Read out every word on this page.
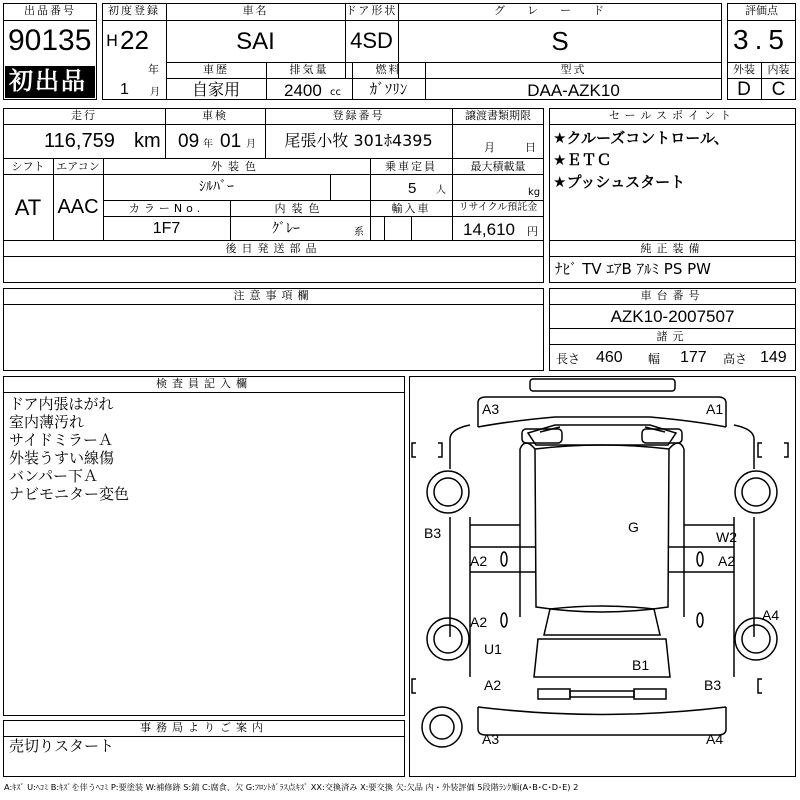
出品番号
90135
初出品
初度登録
H 22
年
1 月
車名
SAI
ドア形状
4SD
グレード
S
車歴
自家用
排気量
2400 cc
燃料
ｶﾞｿﾘﾝ
型式
DAA-AZK10
評価点
3.5
外装	内装
D	C
走行
116,759 km
車検
09 年 01 月
登録番号
尾張小牧 301ﾎ4395
譲渡書類期限
月	日
シフト
AT
エアコン
AAC
外装色
ｼﾙﾊﾞｰ
乗車定員
5 人
最大積載量
kg
カラーNo.
1F7
内装色
ｸﾞﾚｰ	系
輸入車	リサイクル預託金
14,610 円
後日発送部品
セールスポイント
★クルーズコントロール、
★ＥＴＣ
★プッシュスタート
純正装備
ﾅﾋﾞ TV ｴｱB ｱﾙﾐ PS PW
注意事項欄	車台番号
AZK10-2007507
諸元
長さ 460 幅 177 高さ 149
検査員記入欄
ドア内張はがれ
室内薄汚れ
サイドミラーＡ
外装うすい線傷
バンパー下Ａ
ナビモニター変色
事務局よりご案内
売切りスタート
A3	A1
B3	G
W2
A2	A2
A4
A2
U1
B1
A2	B3
A3	A4
A:ｷｽﾞ U:ﾍｺﾐ B:ｷｽﾞを伴うﾍｺﾐ P:要塗装 W:補修跡 S:錆 C:腐食、欠 G:ﾌﾛﾝﾄｶﾞﾗｽ点ｷｽﾞ XX:交換済み X:要交換 欠:欠品 内・外装評価 5段階ﾗﾝｸ順(A･B･C･D･E) 2
